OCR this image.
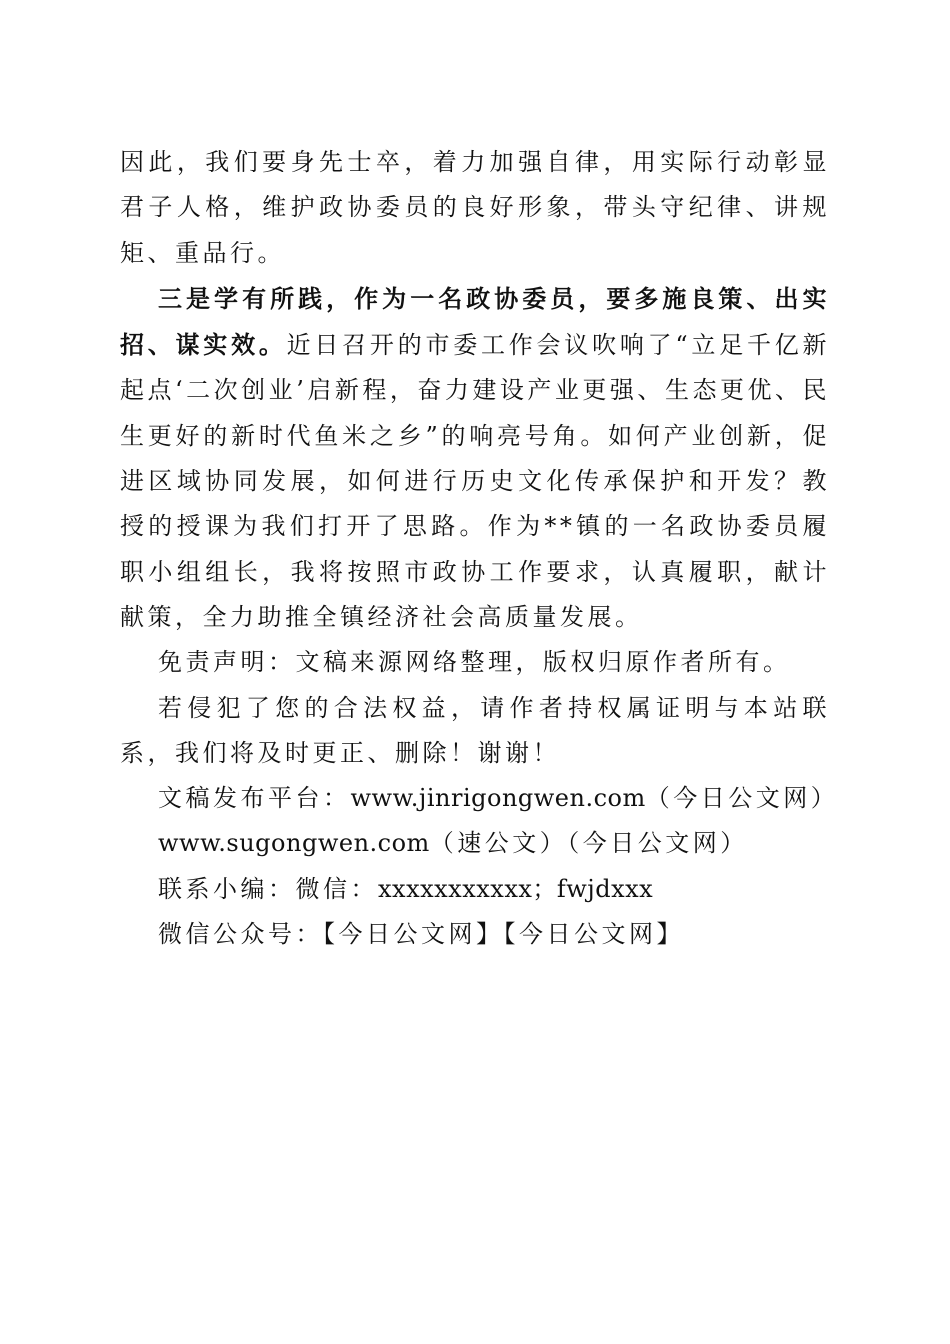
因此，我们要身先士卒，着力加强自律，用实际行动彰显君子人格，维护政协委员的良好形象，带头守纪律、讲规矩、重品行。

三是学有所践，作为一名政协委员，要多施良策、出实招、谋实效。近日召开的市委工作会议吹响了“立足千亿新起点‘二次创业’启新程，奋力建设产业更强、生态更优、民生更好的新时代鱼米之乡”的响亮号角。如何产业创新，促进区域协同发展，如何进行历史文化传承保护和开发？教授的授课为我们打开了思路。作为**镇的一名政协委员履职小组组长，我将按照市政协工作要求，认真履职，献计献策，全力助推全镇经济社会高质量发展。

免责声明：文稿来源网络整理，版权归原作者所有。

若侵犯了您的合法权益，请作者持权属证明与本站联系，我们将及时更正、删除！谢谢！

文稿发布平台：www.jinrigongwen.com（今日公文网）

www.sugongwen.com（速公文）（今日公文网）

联系小编：微信：xxxxxxxxxxx；fwjdxxx

微信公众号：【今日公文网】【今日公文网】
